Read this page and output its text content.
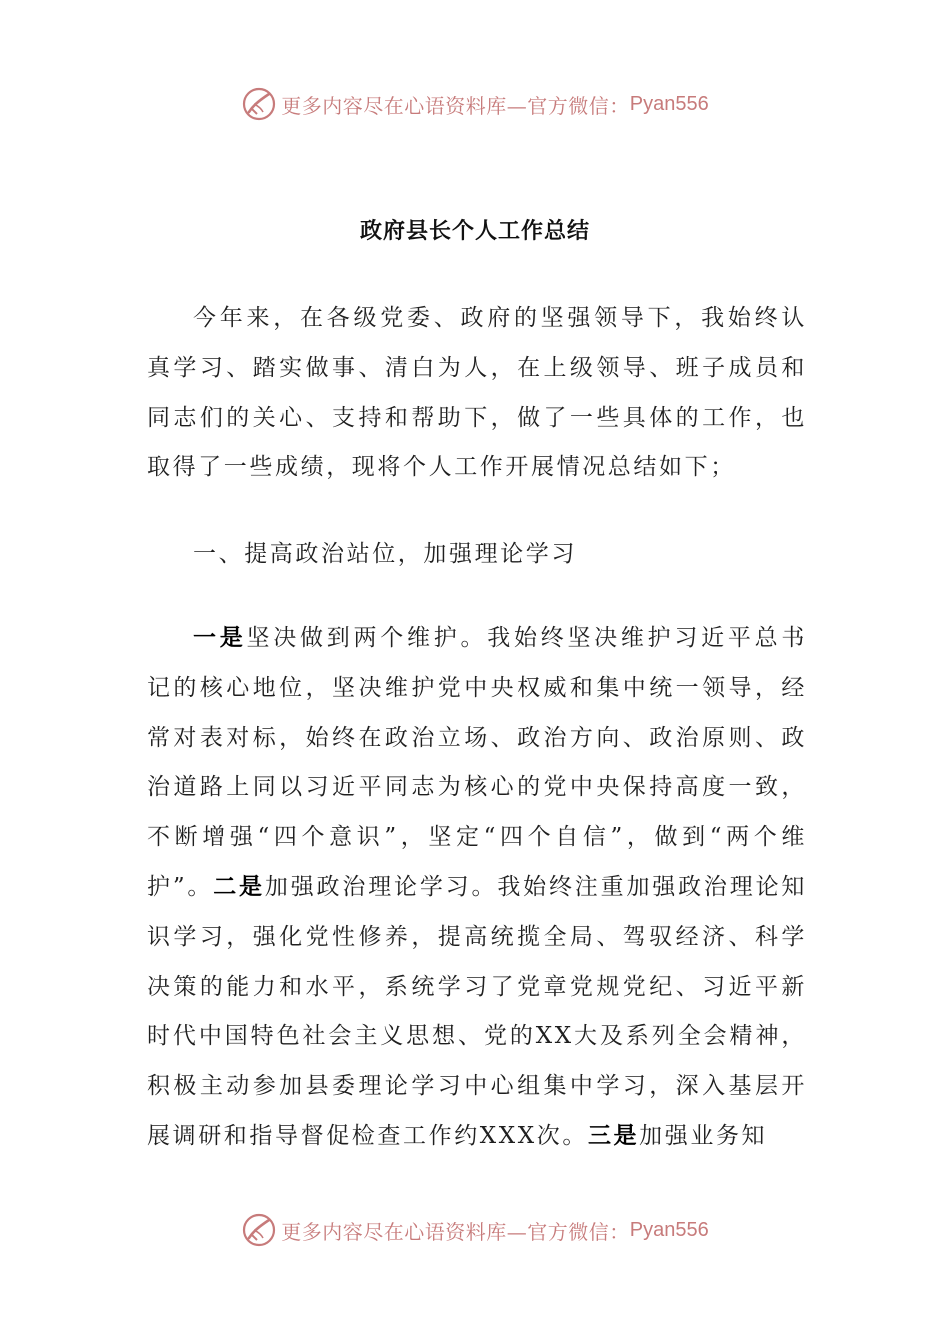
更多内容尽在心语资料库—官方微信： Pyan556
政府县长个人工作总结

今年来，在各级党委、政府的坚强领导下，我始终认真学习、踏实做事、清白为人，在上级领导、班子成员和同志们的关心、支持和帮助下，做了一些具体的工作，也取得了一些成绩，现将个人工作开展情况总结如下；

一、提高政治站位，加强理论学习

一是坚决做到两个维护。我始终坚决维护习近平总书记的核心地位，坚决维护党中央权威和集中统一领导，经常对表对标，始终在政治立场、政治方向、政治原则、政治道路上同以习近平同志为核心的党中央保持高度一致，不断增强“四个意识”，坚定“四个自信”，做到“两个维护”。二是加强政治理论学习。我始终注重加强政治理论知识学习，强化党性修养，提高统揽全局、驾驭经济、科学决策的能力和水平，系统学习了党章党规党纪、习近平新时代中国特色社会主义思想、党的XX大及系列全会精神，积极主动参加县委理论学习中心组集中学习，深入基层开展调研和指导督促检查工作约XXX次。三是加强业务知

更多内容尽在心语资料库—官方微信： Pyan556
